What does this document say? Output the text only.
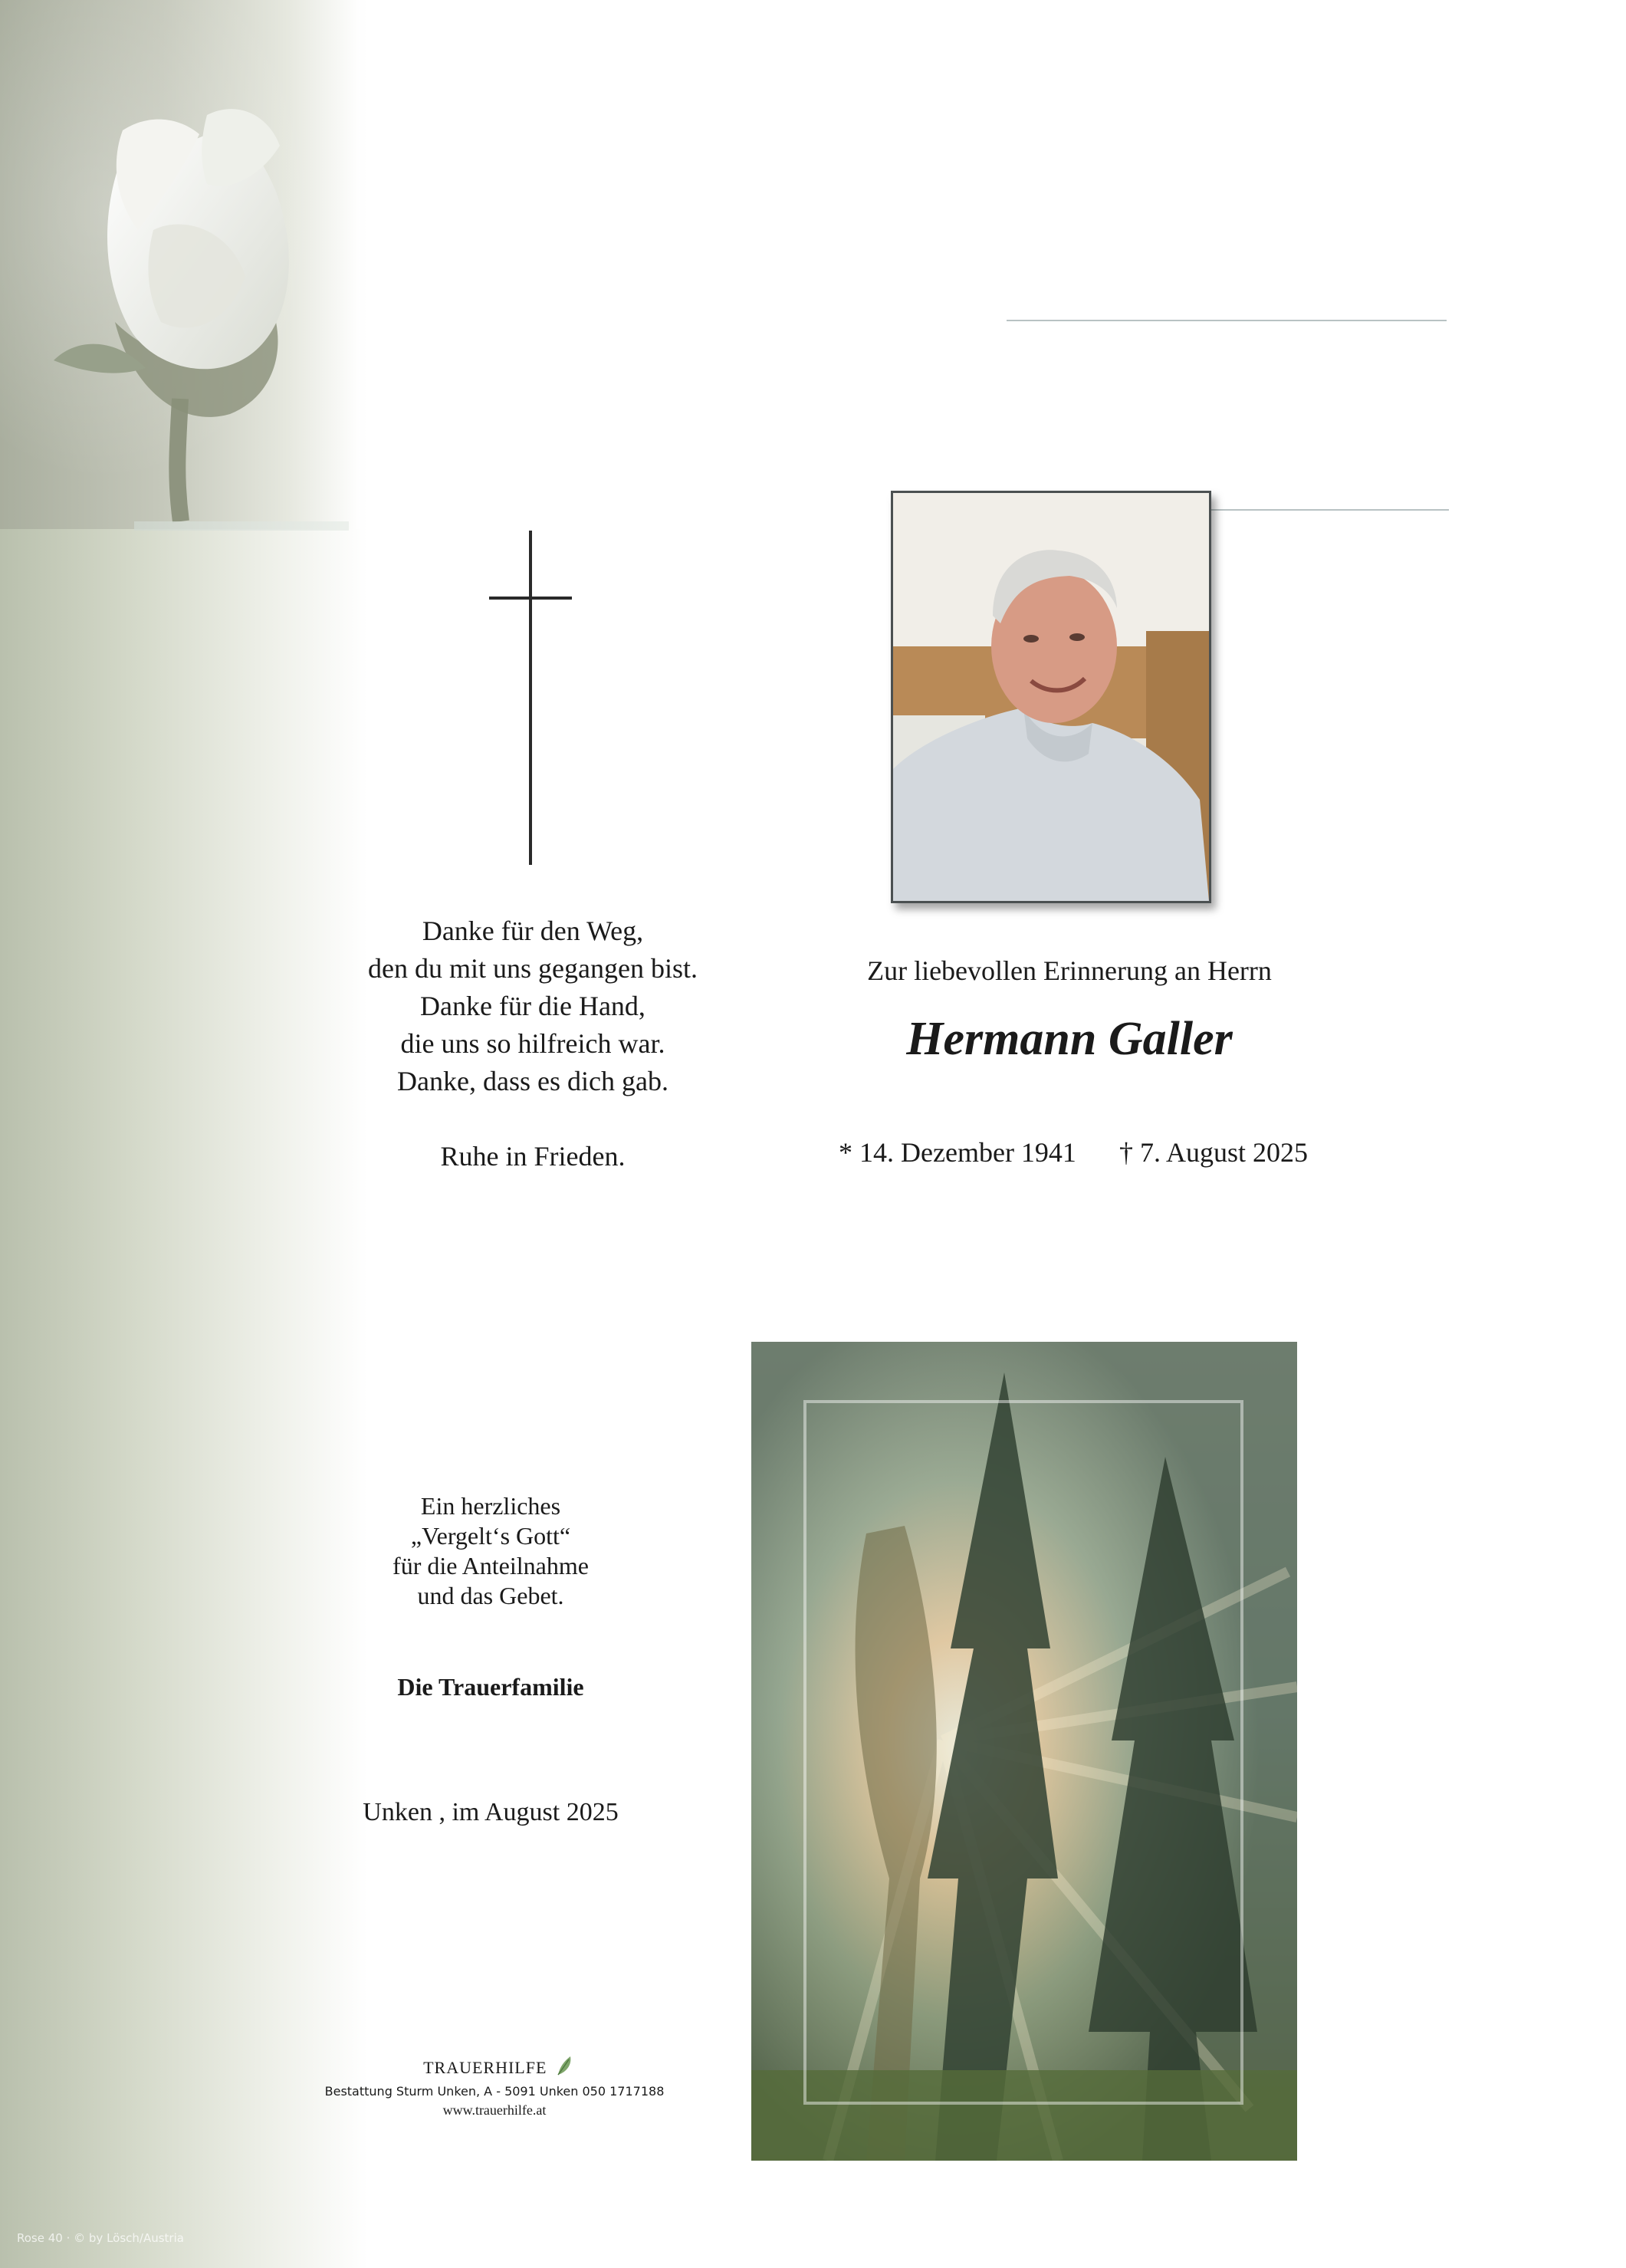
Danke für den Weg,
den du mit uns gegangen bist.
Danke für die Hand,
die uns so hilfreich war.
Danke, dass es dich gab.
Ruhe in Frieden.
Zur liebevollen Erinnerung an Herrn
Hermann Galler
* 14. Dezember 1941 † 7. August 2025
Ein herzliches
„Vergelt‘s Gott“
für die Anteilnahme
und das Gebet.
Die Trauerfamilie
Unken , im August 2025
TRAUERHILFE
Bestattung Sturm Unken, A - 5091 Unken 050 1717188
www.trauerhilfe.at
Rose 40 · © by Lösch/Austria
